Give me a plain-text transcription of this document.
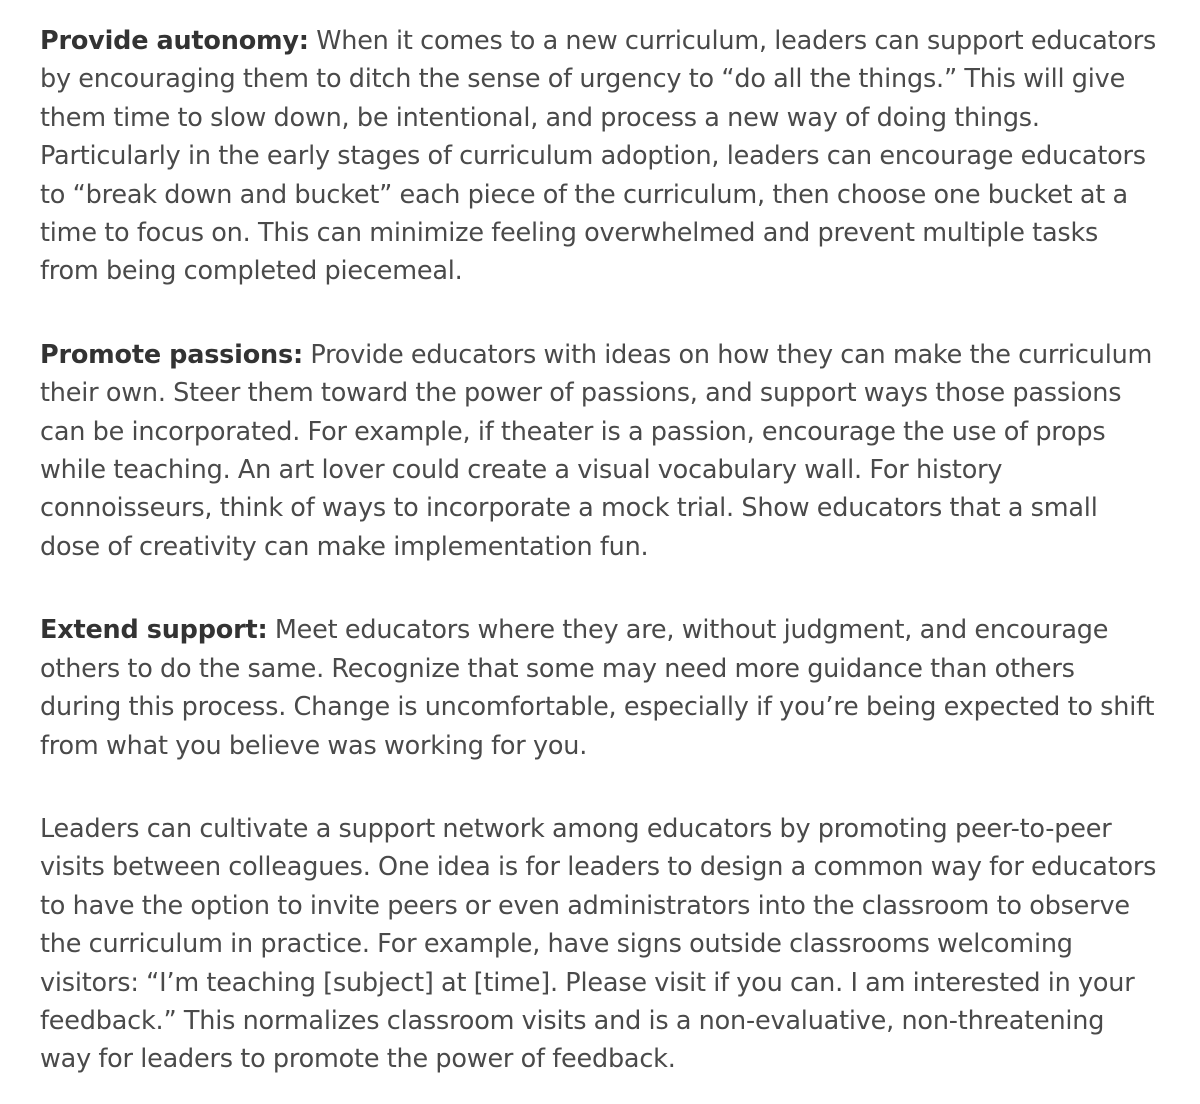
Provide autonomy: When it comes to a new curriculum, leaders can support educators by encouraging them to ditch the sense of urgency to “do all the things.” This will give them time to slow down, be intentional, and process a new way of doing things. Particularly in the early stages of curriculum adoption, leaders can encourage educators to “break down and bucket” each piece of the curriculum, then choose one bucket at a time to focus on. This can minimize feeling overwhelmed and prevent multiple tasks from being completed piecemeal.

Promote passions: Provide educators with ideas on how they can make the curriculum their own. Steer them toward the power of passions, and support ways those passions can be incorporated. For example, if theater is a passion, encourage the use of props while teaching. An art lover could create a visual vocabulary wall. For history connoisseurs, think of ways to incorporate a mock trial. Show educators that a small dose of creativity can make implementation fun.

Extend support: Meet educators where they are, without judgment, and encourage others to do the same. Recognize that some may need more guidance than others during this process. Change is uncomfortable, especially if you’re being expected to shift from what you believe was working for you.

Leaders can cultivate a support network among educators by promoting peer-to-peer visits between colleagues. One idea is for leaders to design a common way for educators to have the option to invite peers or even administrators into the classroom to observe the curriculum in practice. For example, have signs outside classrooms welcoming visitors: “I’m teaching [subject] at [time]. Please visit if you can. I am interested in your feedback.” This normalizes classroom visits and is a non-evaluative, non-threatening way for leaders to promote the power of feedback.
